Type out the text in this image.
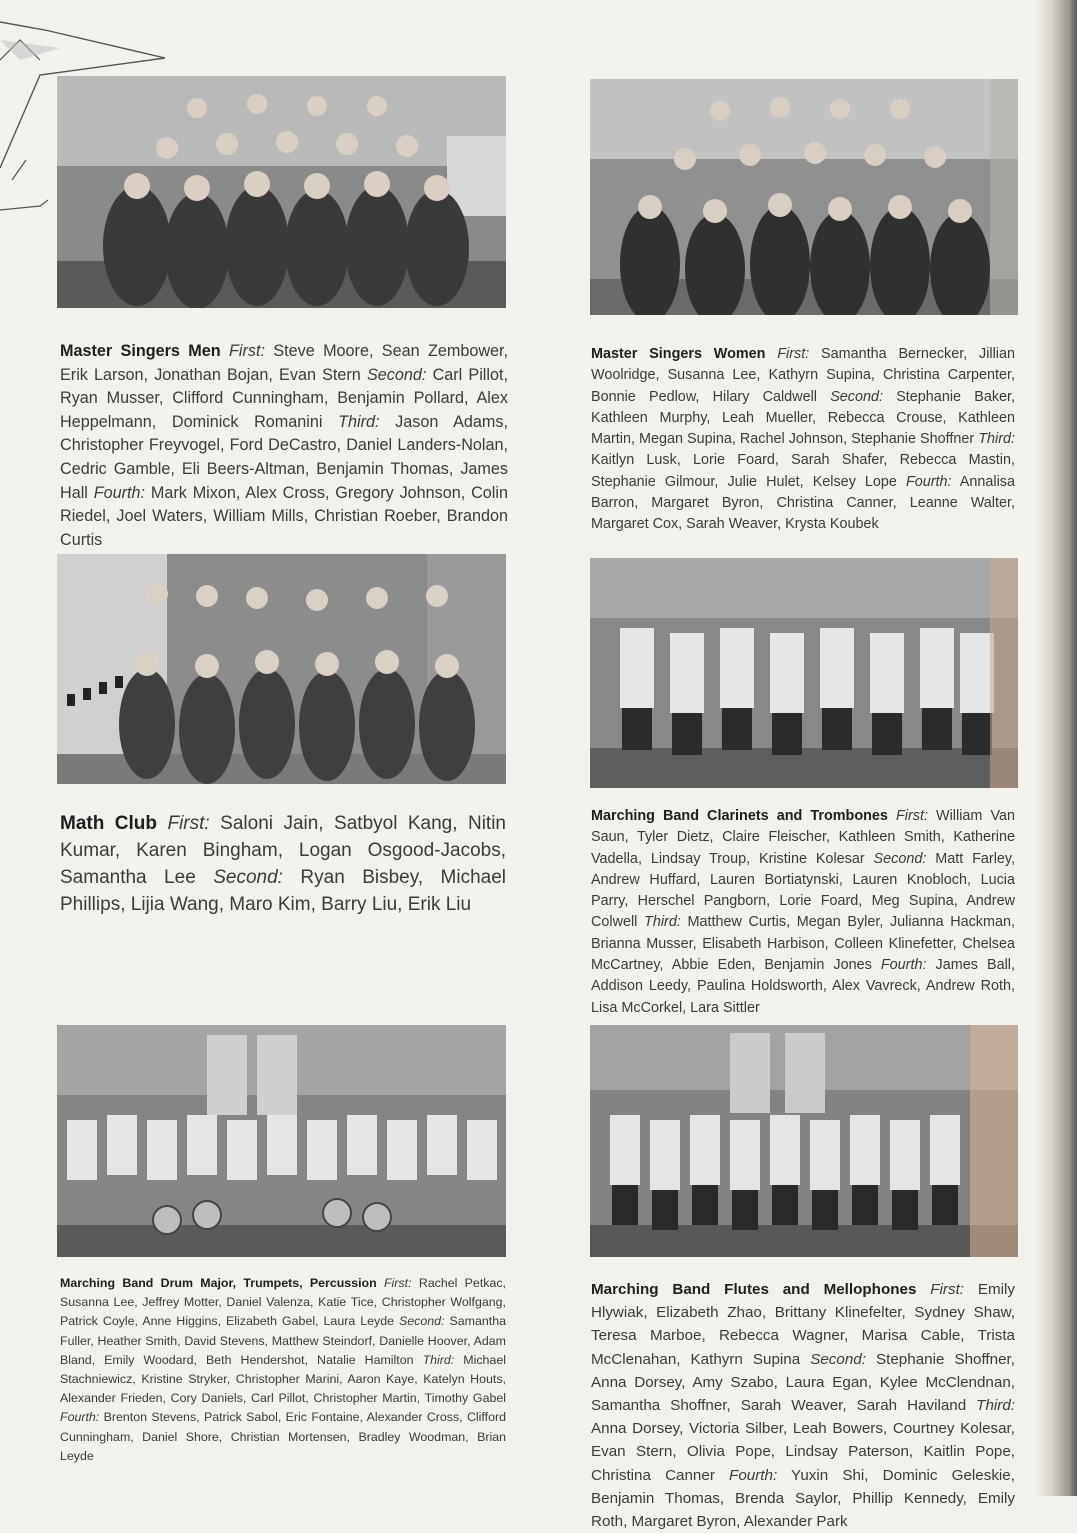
Master Singers Men First: Steve Moore, Sean Zembower, Erik Larson, Jonathan Bojan, Evan Stern Second: Carl Pillot, Ryan Musser, Clifford Cunningham, Benjamin Pollard, Alex Heppelmann, Dominick Romanini Third: Jason Adams, Christopher Freyvogel, Ford DeCastro, Daniel Landers-Nolan, Cedric Gamble, Eli Beers-Altman, Benjamin Thomas, James Hall Fourth: Mark Mixon, Alex Cross, Gregory Johnson, Colin Riedel, Joel Waters, William Mills, Christian Roeber, Brandon Curtis
Master Singers Women First: Samantha Bernecker, Jillian Woolridge, Susanna Lee, Kathyrn Supina, Christina Carpenter, Bonnie Pedlow, Hilary Caldwell Second: Stephanie Baker, Kathleen Murphy, Leah Mueller, Rebecca Crouse, Kathleen Martin, Megan Supina, Rachel Johnson, Stephanie Shoffner Third: Kaitlyn Lusk, Lorie Foard, Sarah Shafer, Rebecca Mastin, Stephanie Gilmour, Julie Hulet, Kelsey Lope Fourth: Annalisa Barron, Margaret Byron, Christina Canner, Leanne Walter, Margaret Cox, Sarah Weaver, Krysta Koubek
Math Club First: Saloni Jain, Satbyol Kang, Nitin Kumar, Karen Bingham, Logan Osgood-Jacobs, Samantha Lee Second: Ryan Bisbey, Michael Phillips, Lijia Wang, Maro Kim, Barry Liu, Erik Liu
Marching Band Clarinets and Trombones First: William Van Saun, Tyler Dietz, Claire Fleischer, Kathleen Smith, Katherine Vadella, Lindsay Troup, Kristine Kolesar Second: Matt Farley, Andrew Huffard, Lauren Bortiatynski, Lauren Knobloch, Lucia Parry, Herschel Pangborn, Lorie Foard, Meg Supina, Andrew Colwell Third: Matthew Curtis, Megan Byler, Julianna Hackman, Brianna Musser, Elisabeth Harbison, Colleen Klinefetter, Chelsea McCartney, Abbie Eden, Benjamin Jones Fourth: James Ball, Addison Leedy, Paulina Holdsworth, Alex Vavreck, Andrew Roth, Lisa McCorkel, Lara Sittler
Marching Band Drum Major, Trumpets, Percussion First: Rachel Petkac, Susanna Lee, Jeffrey Motter, Daniel Valenza, Katie Tice, Christopher Wolfgang, Patrick Coyle, Anne Higgins, Elizabeth Gabel, Laura Leyde Second: Samantha Fuller, Heather Smith, David Stevens, Matthew Steindorf, Danielle Hoover, Adam Bland, Emily Woodard, Beth Hendershot, Natalie Hamilton Third: Michael Stachniewicz, Kristine Stryker, Christopher Marini, Aaron Kaye, Katelyn Houts, Alexander Frieden, Cory Daniels, Carl Pillot, Christopher Martin, Timothy Gabel Fourth: Brenton Stevens, Patrick Sabol, Eric Fontaine, Alexander Cross, Clifford Cunningham, Daniel Shore, Christian Mortensen, Bradley Woodman, Brian Leyde
Marching Band Flutes and Mellophones First: Emily Hlywiak, Elizabeth Zhao, Brittany Klinefelter, Sydney Shaw, Teresa Marboe, Rebecca Wagner, Marisa Cable, Trista McClenahan, Kathyrn Supina Second: Stephanie Shoffner, Anna Dorsey, Amy Szabo, Laura Egan, Kylee McClendnan, Samantha Shoffner, Sarah Weaver, Sarah Haviland Third: Anna Dorsey, Victoria Silber, Leah Bowers, Courtney Kolesar, Evan Stern, Olivia Pope, Lindsay Paterson, Kaitlin Pope, Christina Canner Fourth: Yuxin Shi, Dominic Geleskie, Benjamin Thomas, Brenda Saylor, Phillip Kennedy, Emily Roth, Margaret Byron, Alexander Park
